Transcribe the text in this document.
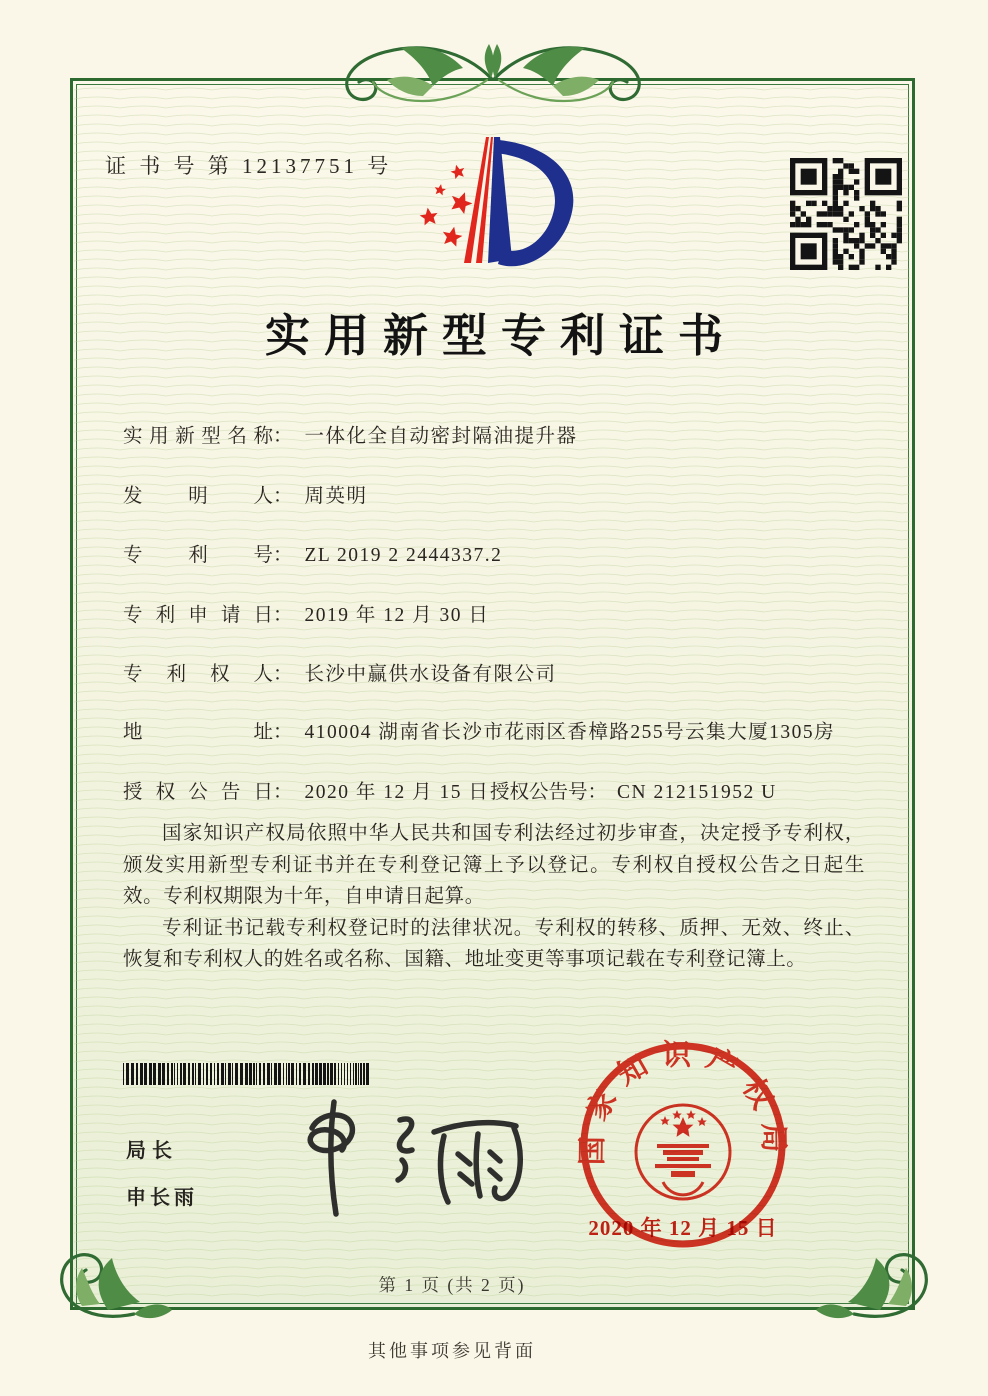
证 书 号 第 12137751 号
实用新型专利证书
实用新型名称： 一体化全自动密封隔油提升器
发明人： 周英明
专利号： ZL 2019 2 2444337.2
专利申请日： 2019 年 12 月 30 日
专利权人： 长沙中赢供水设备有限公司
地址： 410004 湖南省长沙市花雨区香樟路255号云集大厦1305房
授权公告日： 2020 年 12 月 15 日 授权公告号： CN 212151952 U

国家知识产权局依照中华人民共和国专利法经过初步审查，决定授予专利权，颁发实用新型专利证书并在专利登记簿上予以登记。专利权自授权公告之日起生效。专利权期限为十年，自申请日起算。

专利证书记载专利权登记时的法律状况。专利权的转移、质押、无效、终止、恢复和专利权人的姓名或名称、国籍、地址变更等事项记载在专利登记簿上。

局长
申长雨
国家知识产权局
2020 年 12 月 15 日
第 1 页 (共 2 页)
其他事项参见背面
